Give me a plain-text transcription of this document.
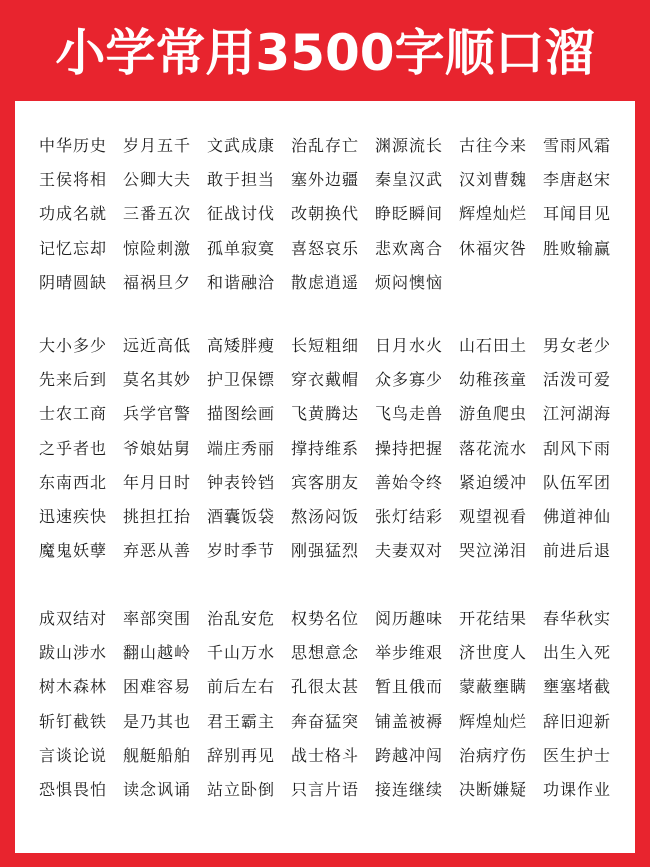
小学常用3500字顺口溜
中华历史 岁月五千 文武成康 治乱存亡 渊源流长 古往今来 雪雨风霜
王侯将相 公卿大夫 敢于担当 塞外边疆 秦皇汉武 汉刘曹魏 李唐赵宋
功成名就 三番五次 征战讨伐 改朝换代 睁眨瞬间 辉煌灿烂 耳闻目见
记忆忘却 惊险刺激 孤单寂寞 喜怒哀乐 悲欢离合 休福灾咎 胜败输赢
阴晴圆缺 福祸旦夕 和谐融洽 散虑逍遥 烦闷懊恼
大小多少 远近高低 高矮胖瘦 长短粗细 日月水火 山石田土 男女老少
先来后到 莫名其妙 护卫保镖 穿衣戴帽 众多寡少 幼稚孩童 活泼可爱
士农工商 兵学官警 描图绘画 飞黄腾达 飞鸟走兽 游鱼爬虫 江河湖海
之乎者也 爷娘姑舅 端庄秀丽 撑持维系 操持把握 落花流水 刮风下雨
东南西北 年月日时 钟表铃铛 宾客朋友 善始令终 紧迫缓冲 队伍军团
迅速疾快 挑担扛抬 酒囊饭袋 熬汤闷饭 张灯结彩 观望视看 佛道神仙
魔鬼妖孽 弃恶从善 岁时季节 刚强猛烈 夫妻双对 哭泣涕泪 前进后退
成双结对 率部突围 治乱安危 权势名位 阅历趣味 开花结果 春华秋实
跋山涉水 翻山越岭 千山万水 思想意念 举步维艰 济世度人 出生入死
树木森林 困难容易 前后左右 孔很太甚 暂且俄而 蒙蔽壅瞒 壅塞堵截
斩钉截铁 是乃其也 君王霸主 奔奋猛突 铺盖被褥 辉煌灿烂 辞旧迎新
言谈论说 舰艇船舶 辞别再见 战士格斗 跨越冲闯 治病疗伤 医生护士
恐惧畏怕 读念讽诵 站立卧倒 只言片语 接连继续 决断嫌疑 功课作业
@霜湘水月
